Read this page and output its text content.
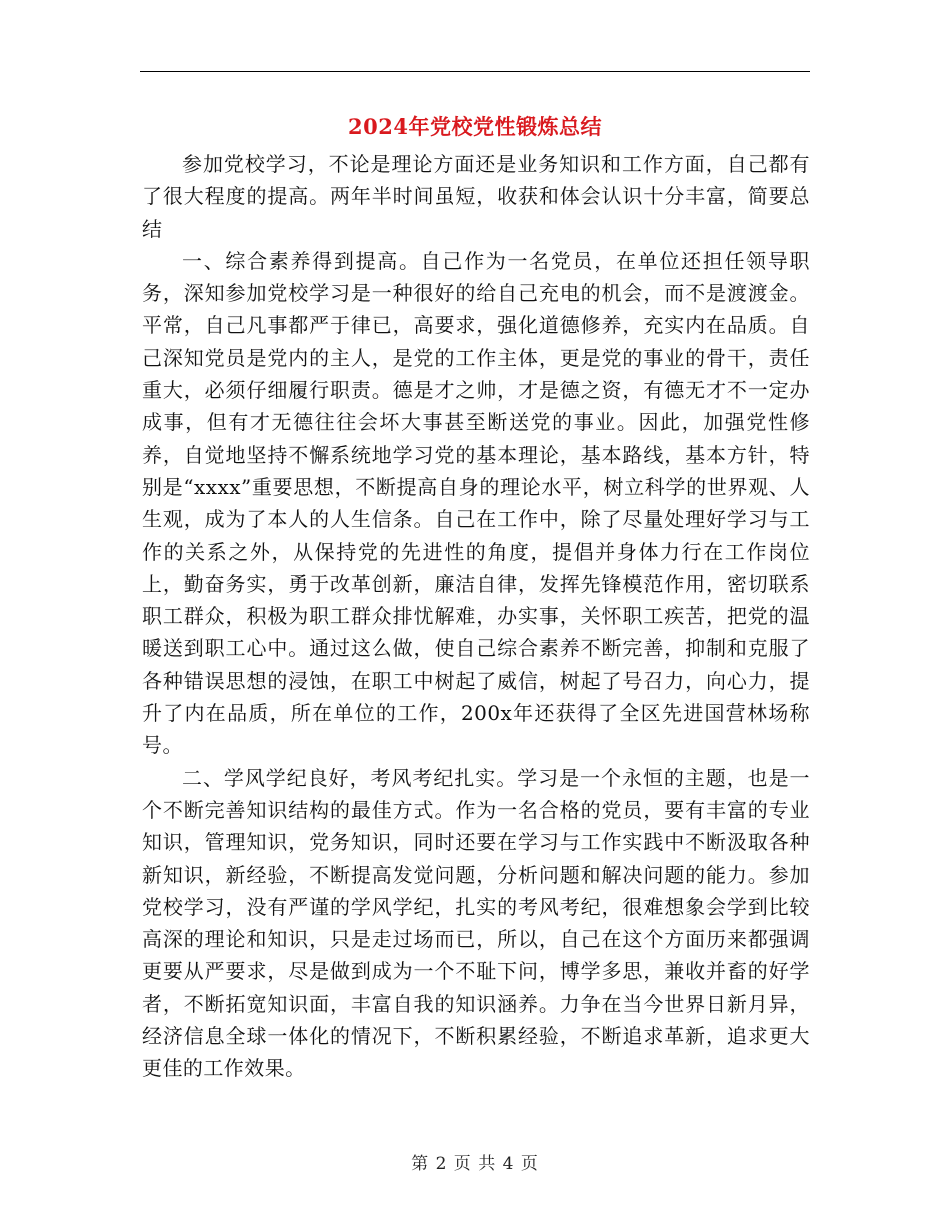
2024年党校党性锻炼总结

参加党校学习，不论是理论方面还是业务知识和工作方面，自己都有了很大程度的提高。两年半时间虽短，收获和体会认识十分丰富，简要总结

一、综合素养得到提高。自己作为一名党员，在单位还担任领导职务，深知参加党校学习是一种很好的给自己充电的机会，而不是渡渡金。平常，自己凡事都严于律已，高要求，强化道德修养，充实内在品质。自己深知党员是党内的主人，是党的工作主体，更是党的事业的骨干，责任重大，必须仔细履行职责。德是才之帅，才是德之资，有德无才不一定办成事，但有才无德往往会坏大事甚至断送党的事业。因此，加强党性修养，自觉地坚持不懈系统地学习党的基本理论，基本路线，基本方针，特别是“xxxx”重要思想，不断提高自身的理论水平，树立科学的世界观、人生观，成为了本人的人生信条。自己在工作中，除了尽量处理好学习与工作的关系之外，从保持党的先进性的角度，提倡并身体力行在工作岗位上，勤奋务实，勇于改革创新，廉洁自律，发挥先锋模范作用，密切联系职工群众，积极为职工群众排忧解难，办实事，关怀职工疾苦，把党的温暖送到职工心中。通过这么做，使自己综合素养不断完善，抑制和克服了各种错误思想的浸蚀，在职工中树起了威信，树起了号召力，向心力，提升了内在品质，所在单位的工作，200x年还获得了全区先进国营林场称号。

二、学风学纪良好，考风考纪扎实。学习是一个永恒的主题，也是一个不断完善知识结构的最佳方式。作为一名合格的党员，要有丰富的专业知识，管理知识，党务知识，同时还要在学习与工作实践中不断汲取各种新知识，新经验，不断提高发觉问题，分析问题和解决问题的能力。参加党校学习，没有严谨的学风学纪，扎实的考风考纪，很难想象会学到比较高深的理论和知识，只是走过场而已，所以，自己在这个方面历来都强调更要从严要求，尽是做到成为一个不耻下问，博学多思，兼收并畜的好学者，不断拓宽知识面，丰富自我的知识涵养。力争在当今世界日新月异，经济信息全球一体化的情况下，不断积累经验，不断追求革新，追求更大更佳的工作效果。

第 2 页 共 4 页
